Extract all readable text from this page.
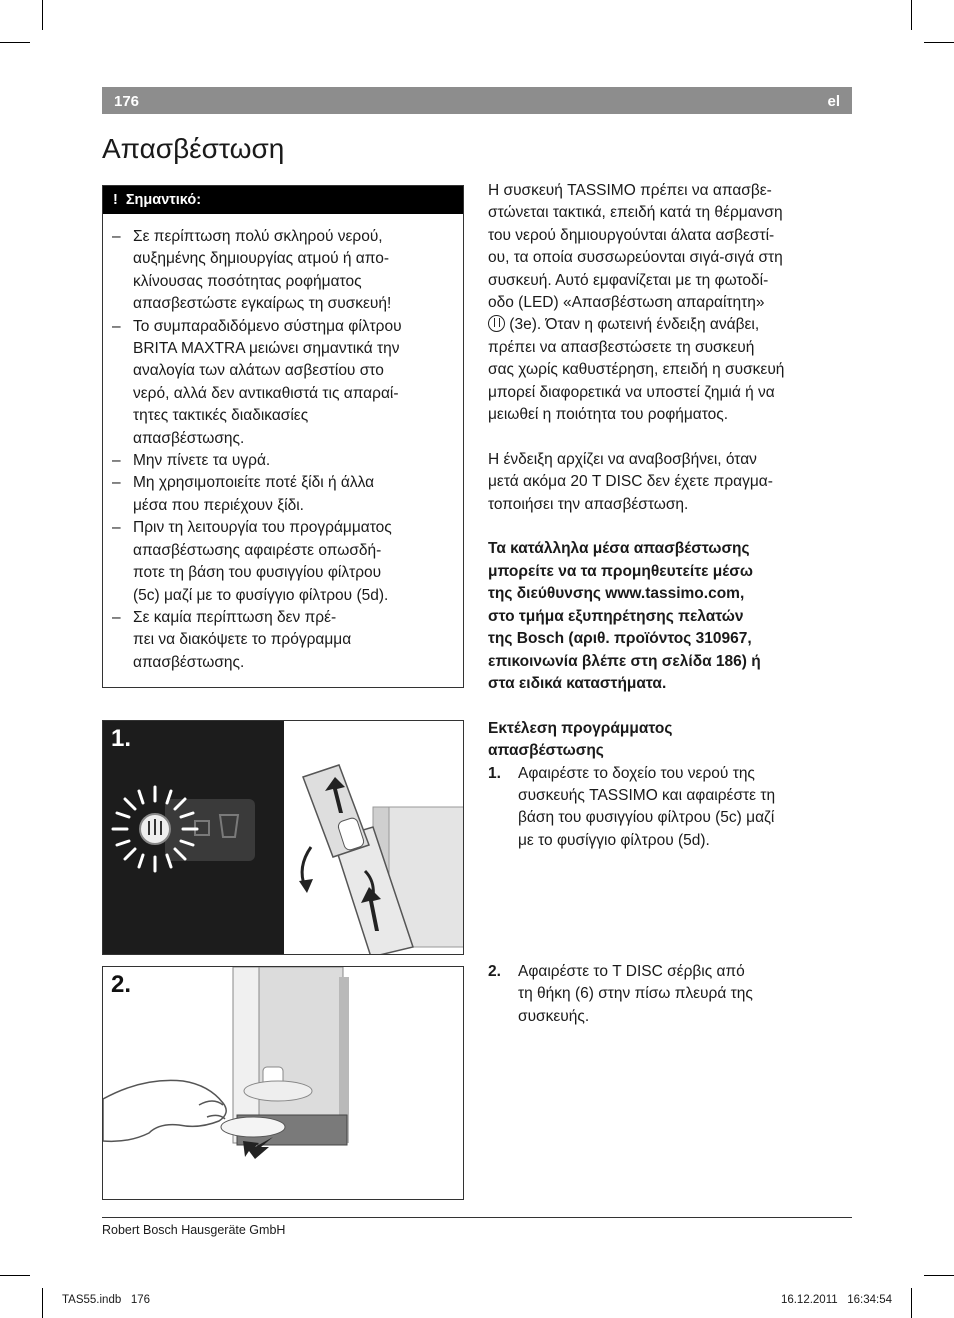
176	el
Απασβέστωση
! Σημαντικό:
– Σε περίπτωση πολύ σκληρού νερού,
αυξημένης δημιουργίας ατμού ή απο-
κλίνουσας ποσότητας ροφήματος
απασβεστώστε εγκαίρως τη συσκευή!
– Το συμπαραδιδόμενο σύστημα φίλτρου
BRITA MAXTRA μειώνει σημαντικά την
αναλογία των αλάτων ασβεστίου στο
νερό, αλλά δεν αντικαθιστά τις απαραί-
τητες τακτικές διαδικασίες
απασβέστωσης.
– Μην πίνετε τα υγρά.
– Μη χρησιμοποιείτε ποτέ ξίδι ή άλλα
μέσα που περιέχουν ξίδι.
– Πριν τη λειτουργία του προγράμματος
απασβέστωσης αφαιρέστε οπωσδή-
ποτε τη βάση του φυσιγγίου φίλτρου
(5c) μαζί με το φυσίγγιο φίλτρου (5d).
– Σε καμία περίπτωση δεν πρέ-
πει να διακόψετε το πρόγραμμα
απασβέστωσης.

Η συσκευή TASSIMO πρέπει να απασβε-
στώνεται τακτικά, επειδή κατά τη θέρμανση
του νερού δημιουργούνται άλατα ασβεστί-
ου, τα οποία συσσωρεύονται σιγά-σιγά στη
συσκευή. Αυτό εμφανίζεται με τη φωτοδί-
οδο (LED) «Απασβέστωση απαραίτητη»
(3e). Όταν η φωτεινή ένδειξη ανάβει,
πρέπει να απασβεστώσετε τη συσκευή
σας χωρίς καθυστέρηση, επειδή η συσκευή
μπορεί διαφορετικά να υποστεί ζημιά ή να
μειωθεί η ποιότητα του ροφήματος.

Η ένδειξη αρχίζει να αναβοσβήνει, όταν
μετά ακόμα 20 T DISC δεν έχετε πραγμα-
τοποιήσει την απασβέστωση.

Τα κατάλληλα μέσα απασβέστωσης
μπορείτε να τα προμηθευτείτε μέσω
της διεύθυνσης www.tassimo.com,
στο τμήμα εξυπηρέτησης πελατών
της Bosch (αριθ. προϊόντος 310967,
επικοινωνία βλέπε στη σελίδα 186) ή
στα ειδικά καταστήματα.

Εκτέλεση προγράμματος
απασβέστωσης
1. Αφαιρέστε το δοχείο του νερού της
συσκευής TASSIMO και αφαιρέστε τη
βάση του φυσιγγίου φίλτρου (5c) μαζί
με το φυσίγγιο φίλτρου (5d).
2. Αφαιρέστε το T DISC σέρβις από
τη θήκη (6) στην πίσω πλευρά της
συσκευής.
1.
2.
Robert Bosch Hausgeräte GmbH
TAS55.indb   176	16.12.2011   16:34:54
